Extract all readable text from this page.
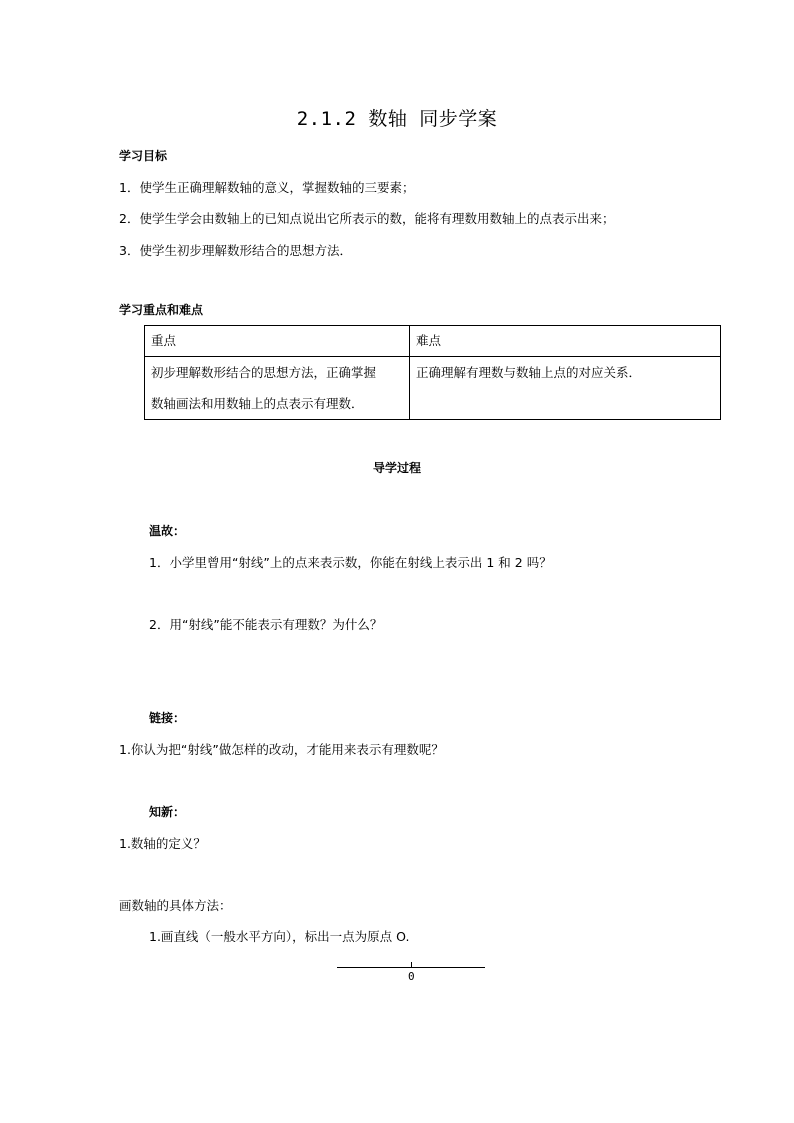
2.1.2 数轴 同步学案
学习目标
1．使学生正确理解数轴的意义，掌握数轴的三要素；
2．使学生学会由数轴上的已知点说出它所表示的数，能将有理数用数轴上的点表示出来；
3．使学生初步理解数形结合的思想方法．
学习重点和难点
重点	难点

初步理解数形结合的思想方法，正确掌握
数轴画法和用数轴上的点表示有理数．	正确理解有理数与数轴上点的对应关系．
导学过程
温故：
1．小学里曾用“射线”上的点来表示数，你能在射线上表示出 1 和 2 吗？
2．用“射线”能不能表示有理数？为什么？
链接：
1.你认为把“射线”做怎样的改动，才能用来表示有理数呢？
知新：
1.数轴的定义？
画数轴的具体方法：
1.画直线（一般水平方向），标出一点为原点 O.
0
